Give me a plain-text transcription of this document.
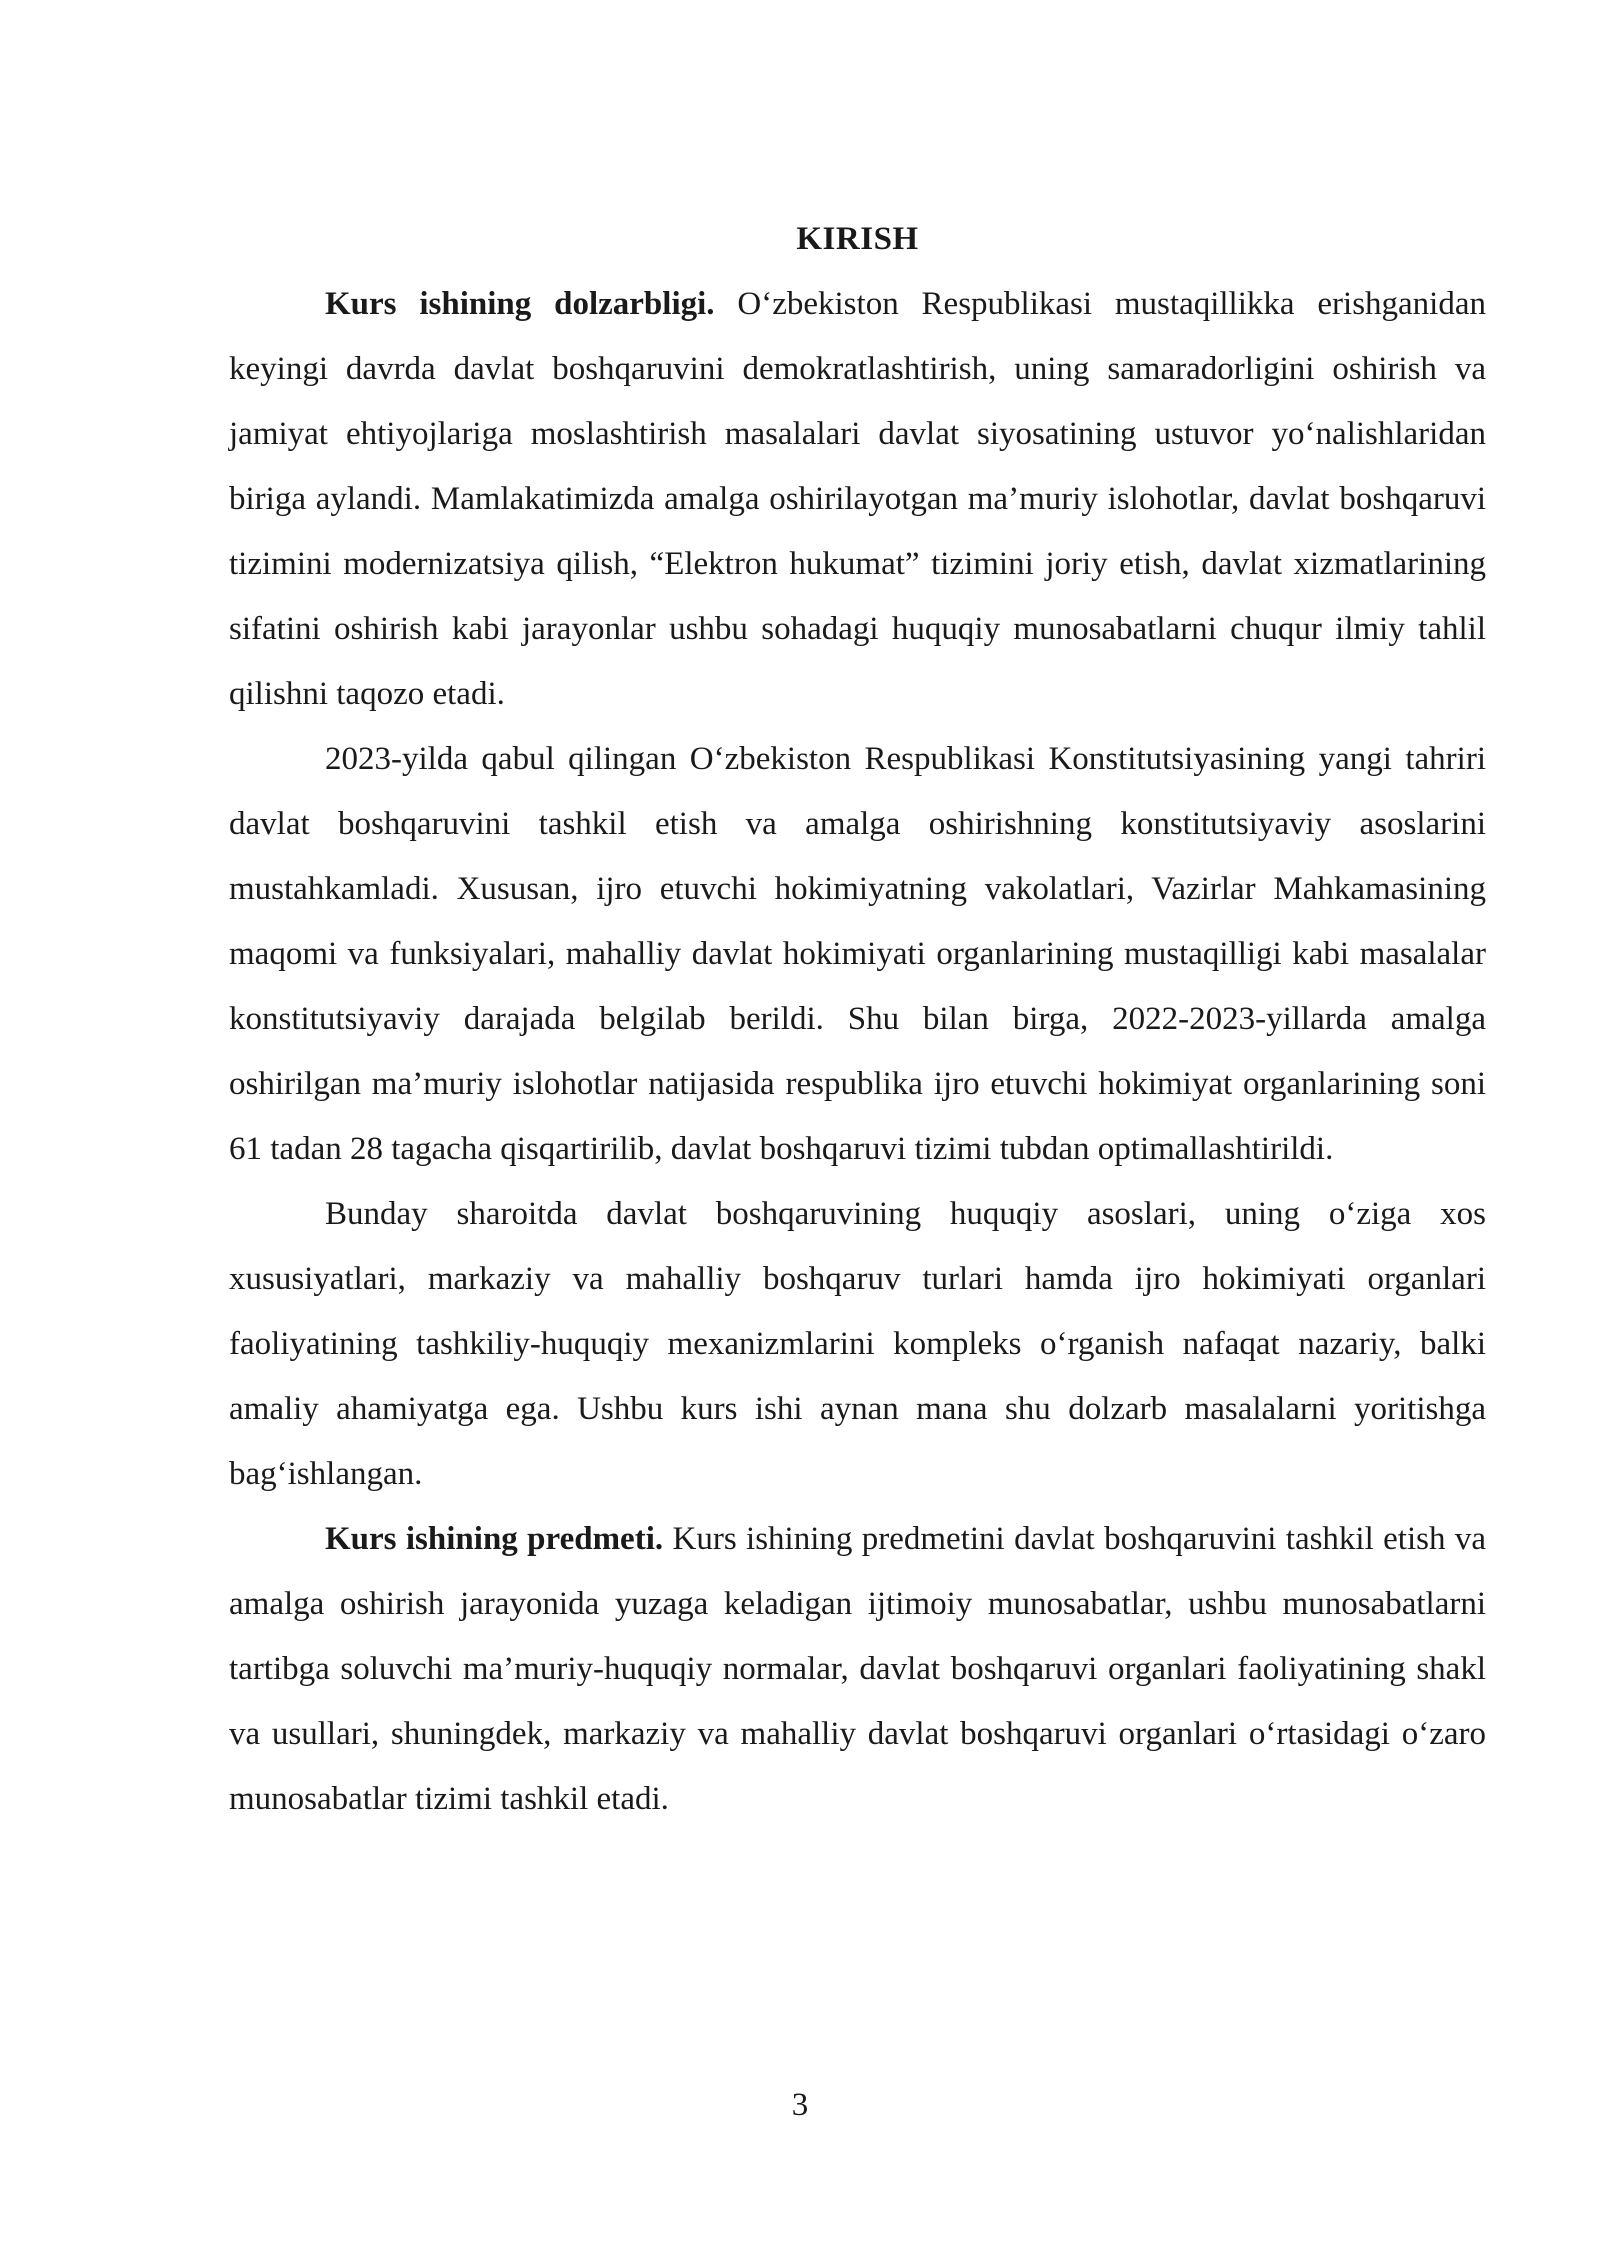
KIRISH

Kurs ishining dolzarbligi. O‘zbekiston Respublikasi mustaqillikka erishganidan keyingi davrda davlat boshqaruvini demokratlashtirish, uning samaradorligini oshirish va jamiyat ehtiyojlariga moslashtirish masalalari davlat siyosatining ustuvor yo‘nalishlaridan biriga aylandi. Mamlakatimizda amalga oshirilayotgan ma’muriy islohotlar, davlat boshqaruvi tizimini modernizatsiya qilish, “Elektron hukumat” tizimini joriy etish, davlat xizmatlarining sifatini oshirish kabi jarayonlar ushbu sohadagi huquqiy munosabatlarni chuqur ilmiy tahlil qilishni taqozo etadi.

2023-yilda qabul qilingan O‘zbekiston Respublikasi Konstitutsiyasining yangi tahriri davlat boshqaruvini tashkil etish va amalga oshirishning konstitutsiyaviy asoslarini mustahkamladi. Xususan, ijro etuvchi hokimiyatning vakolatlari, Vazirlar Mahkamasining maqomi va funksiyalari, mahalliy davlat hokimiyati organlarining mustaqilligi kabi masalalar konstitutsiyaviy darajada belgilab berildi. Shu bilan birga, 2022-2023-yillarda amalga oshirilgan ma’muriy islohotlar natijasida respublika ijro etuvchi hokimiyat organlarining soni 61 tadan 28 tagacha qisqartirilib, davlat boshqaruvi tizimi tubdan optimallashtirildi.

Bunday sharoitda davlat boshqaruvining huquqiy asoslari, uning o‘ziga xos xususiyatlari, markaziy va mahalliy boshqaruv turlari hamda ijro hokimiyati organlari faoliyatining tashkiliy-huquqiy mexanizmlarini kompleks o‘rganish nafaqat nazariy, balki amaliy ahamiyatga ega. Ushbu kurs ishi aynan mana shu dolzarb masalalarni yoritishga bag‘ishlangan.

Kurs ishining predmeti. Kurs ishining predmetini davlat boshqaruvini tashkil etish va amalga oshirish jarayonida yuzaga keladigan ijtimoiy munosabatlar, ushbu munosabatlarni tartibga soluvchi ma’muriy-huquqiy normalar, davlat boshqaruvi organlari faoliyatining shakl va usullari, shuningdek, markaziy va mahalliy davlat boshqaruvi organlari o‘rtasidagi o‘zaro munosabatlar tizimi tashkil etadi.

3
